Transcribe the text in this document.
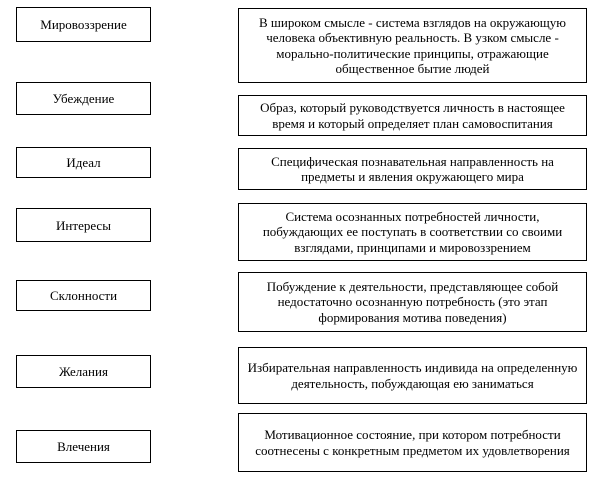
Мировоззрение
Убеждение
Идеал
Интересы
Склонности
Желания
Влечения
В широком смысле - система взглядов на окружающую человека объективную реальность. В узком смысле - морально-политические принципы, отражающие общественное бытие людей
Образ, который руководствуется личность в настоящее время и который определяет план самовоспитания
Специфическая познавательная направленность на предметы и явления окружающего мира
Система осознанных потребностей личности, побуждающих ее поступать в соответствии со своими взглядами, принципами и мировоззрением
Побуждение к деятельности, представляющее собой недостаточно осознанную потребность (это этап формирования мотива поведения)
Избирательная направленность индивида на определенную деятельность, побуждающая ею заниматься
Мотивационное состояние, при котором потребности соотнесены с конкретным предметом их удовлетворения
